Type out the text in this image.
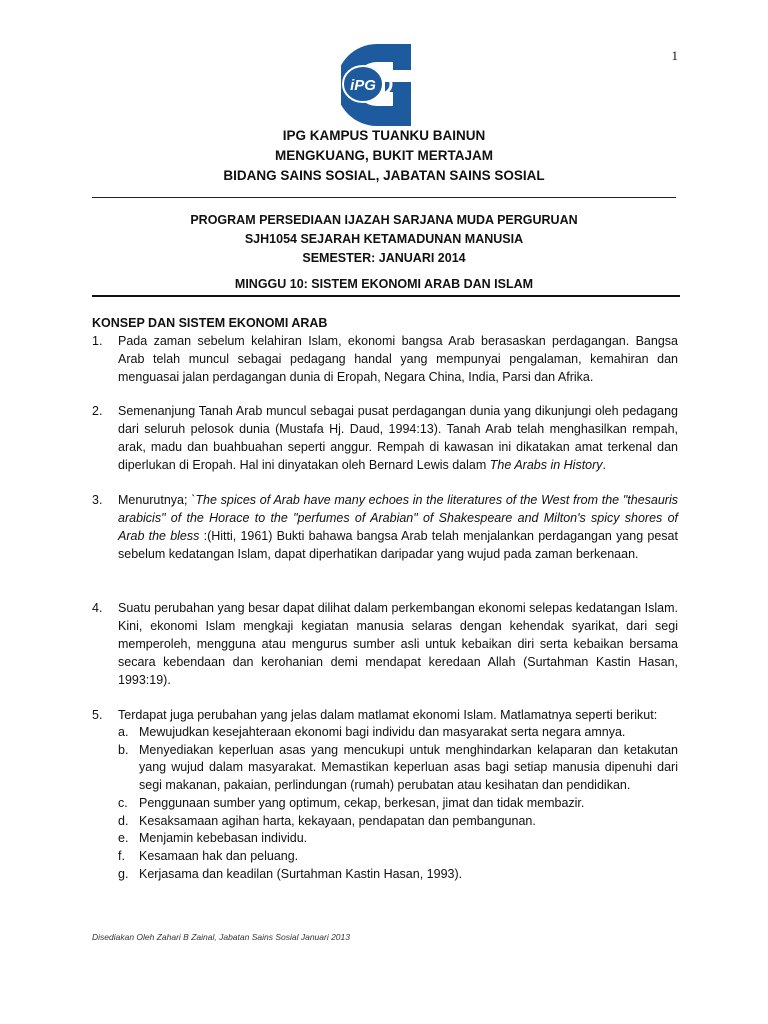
1
iPG
IPG KAMPUS TUANKU BAINUN
MENGKUANG, BUKIT MERTAJAM
BIDANG SAINS SOSIAL, JABATAN SAINS SOSIAL
PROGRAM PERSEDIAAN IJAZAH SARJANA MUDA PERGURUAN
SJH1054 SEJARAH KETAMADUNAN MANUSIA
SEMESTER: JANUARI 2014
MINGGU 10: SISTEM EKONOMI ARAB DAN ISLAM
KONSEP DAN SISTEM EKONOMI ARAB
1. Pada zaman sebelum kelahiran Islam, ekonomi bangsa Arab berasaskan perdagangan. Bangsa Arab telah muncul sebagai pedagang handal yang mempunyai pengalaman, kemahiran dan menguasai jalan perdagangan dunia di Eropah, Negara China, India, Parsi dan Afrika.
2. Semenanjung Tanah Arab muncul sebagai pusat perdagangan dunia yang dikunjungi oleh pedagang dari seluruh pelosok dunia (Mustafa Hj. Daud, 1994:13). Tanah Arab telah menghasilkan rempah, arak, madu dan buahbuahan seperti anggur. Rempah di kawasan ini dikatakan amat terkenal dan diperlukan di Eropah. Hal ini dinyatakan oleh Bernard Lewis dalam The Arabs in History.
3. Menurutnya; `The spices of Arab have many echoes in the literatures of the West from the "thesauris arabicis" of the Horace to the "perfumes of Arabian" of Shakespeare and Milton's spicy shores of Arab the bless :(Hitti, 1961) Bukti bahawa bangsa Arab telah menjalankan perdagangan yang pesat sebelum kedatangan Islam, dapat diperhatikan daripadar yang wujud pada zaman berkenaan.
4. Suatu perubahan yang besar dapat dilihat dalam perkembangan ekonomi selepas kedatangan Islam. Kini, ekonomi Islam mengkaji kegiatan manusia selaras dengan kehendak syarikat, dari segi memperoleh, mengguna atau mengurus sumber asli untuk kebaikan diri serta kebaikan bersama secara kebendaan dan kerohanian demi mendapat keredaan Allah (Surtahman Kastin Hasan, 1993:19).
5. Terdapat juga perubahan yang jelas dalam matlamat ekonomi Islam. Matlamatnya seperti berikut:
a. Mewujudkan kesejahteraan ekonomi bagi individu dan masyarakat serta negara amnya.
b. Menyediakan keperluan asas yang mencukupi untuk menghindarkan kelaparan dan ketakutan yang wujud dalam masyarakat. Memastikan keperluan asas bagi setiap manusia dipenuhi dari segi makanan, pakaian, perlindungan (rumah) perubatan atau kesihatan dan pendidikan.
c. Penggunaan sumber yang optimum, cekap, berkesan, jimat dan tidak membazir.
d. Kesaksamaan agihan harta, kekayaan, pendapatan dan pembangunan.
e. Menjamin kebebasan individu.
f. Kesamaan hak dan peluang.
g. Kerjasama dan keadilan (Surtahman Kastin Hasan, 1993).
Disediakan Oleh Zahari B Zainal, Jabatan Sains Sosial Januari 2013
